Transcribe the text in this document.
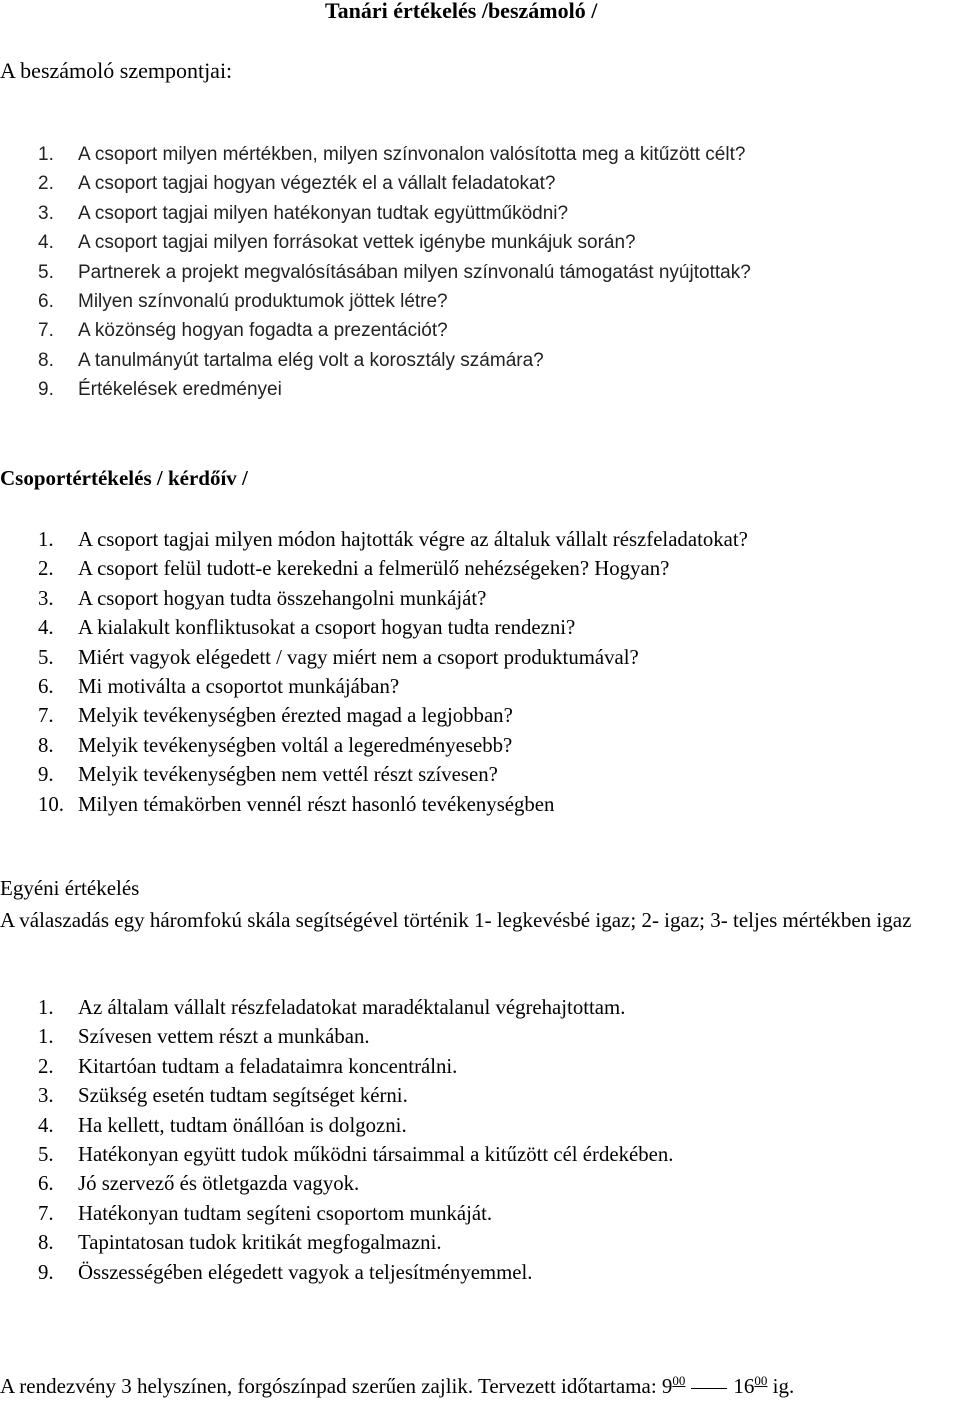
Tanári értékelés /beszámoló /
A beszámoló szempontjai:
1. A csoport milyen mértékben, milyen színvonalon valósította meg a kitűzött célt?
2. A csoport tagjai hogyan végezték el a vállalt feladatokat?
3. A csoport tagjai milyen hatékonyan tudtak együttműködni?
4. A csoport tagjai milyen forrásokat vettek igénybe munkájuk során?
5. Partnerek a projekt megvalósításában milyen színvonalú támogatást nyújtottak?
6. Milyen színvonalú produktumok jöttek létre?
7. A közönség hogyan fogadta a prezentációt?
8. A tanulmányút tartalma elég volt a korosztály számára?
9. Értékelések eredményei
Csoportértékelés / kérdőív /
1. A csoport tagjai milyen módon hajtották végre az általuk vállalt részfeladatokat?
2. A csoport felül tudott-e kerekedni a felmerülő nehézségeken? Hogyan?
3. A csoport hogyan tudta összehangolni munkáját?
4. A kialakult konfliktusokat a csoport hogyan tudta rendezni?
5. Miért vagyok elégedett / vagy miért nem a csoport produktumával?
6. Mi motiválta a csoportot munkájában?
7. Melyik tevékenységben érezted magad a legjobban?
8. Melyik tevékenységben voltál a legeredményesebb?
9. Melyik tevékenységben nem vettél részt szívesen?
10. Milyen témakörben vennél részt hasonló tevékenységben
Egyéni értékelés
A válaszadás egy háromfokú skála segítségével történik 1- legkevésbé igaz; 2- igaz; 3- teljes mértékben igaz
1. Az általam vállalt részfeladatokat maradéktalanul végrehajtottam.
1. Szívesen vettem részt a munkában.
2. Kitartóan tudtam a feladataimra koncentrálni.
3. Szükség esetén tudtam segítséget kérni.
4. Ha kellett, tudtam önállóan is dolgozni.
5. Hatékonyan együtt tudok működni társaimmal a kitűzött cél érdekében.
6. Jó szervező és ötletgazda vagyok.
7. Hatékonyan tudtam segíteni csoportom munkáját.
8. Tapintatosan tudok kritikát megfogalmazni.
9. Összességében elégedett vagyok a teljesítményemmel.
A rendezvény 3 helyszínen, forgószínpad szerűen zajlik. Tervezett időtartama: $9^{00}$ $16^{00}$ ig.
